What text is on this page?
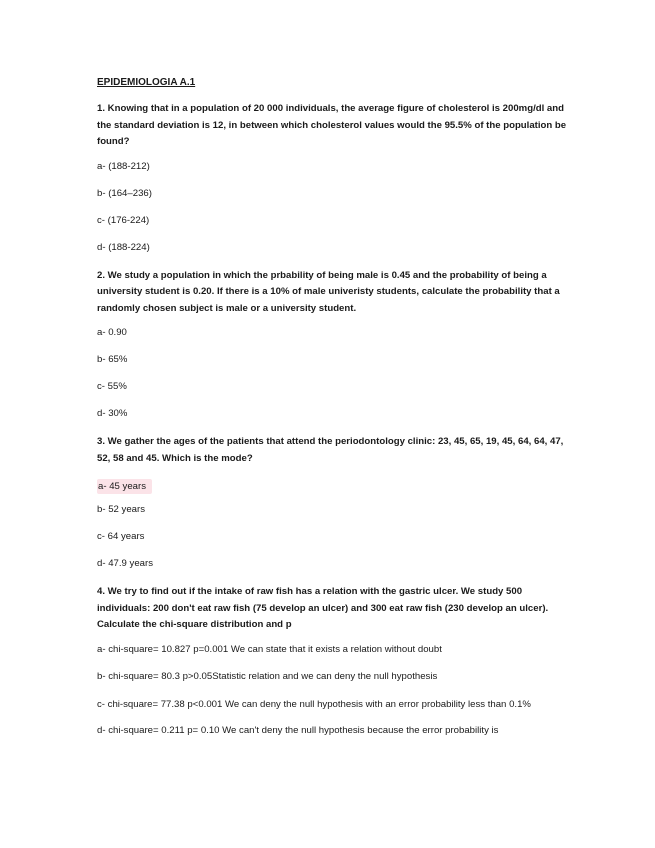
EPIDEMIOLOGIA A.1
1. Knowing that in a population of 20 000 individuals, the average figure of cholesterol is 200mg/dl and the standard deviation is 12, in between which cholesterol values would the 95.5% of the population be found?
a- (188-212)
b- (164–236)
c- (176-224)
d- (188-224)
2. We study a population in which the prbability of being male is 0.45 and the probability of being a university student is 0.20. If there is a 10% of male univeristy students, calculate the probability that a randomly chosen subject is male or a university student.
a- 0.90
b- 65%
c- 55%
d- 30%
3. We gather the ages of the patients that attend the periodontology clinic: 23, 45, 65, 19, 45, 64, 64, 47, 52, 58 and 45. Which is the mode?
a- 45 years
b- 52 years
c- 64 years
d- 47.9 years
4. We try to find out if the intake of raw fish has a relation with the gastric ulcer. We study 500 individuals: 200 don't eat raw fish (75 develop an ulcer) and 300 eat raw fish (230 develop an ulcer). Calculate the chi-square distribution and p
a- chi-square= 10.827 p=0.001 We can state that it exists a relation without doubt
b- chi-square= 80.3 p>0.05Statistic relation and we can deny the null hypothesis
c- chi-square= 77.38 p<0.001 We can deny the null hypothesis with an error probability less than 0.1%
d- chi-square= 0.211 p= 0.10 We can't deny the null hypothesis because the error probability is
